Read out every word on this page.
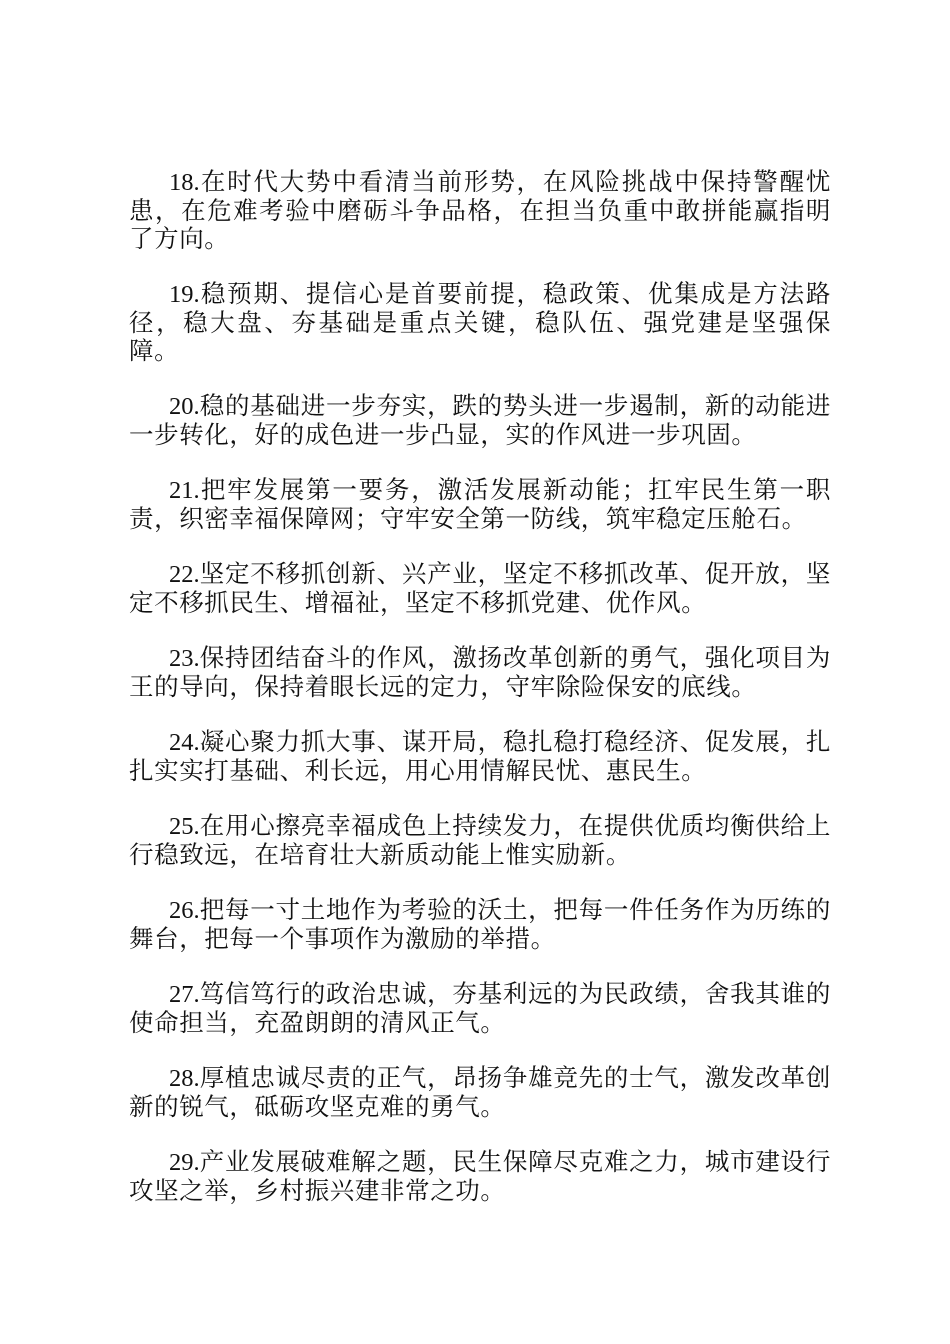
18.在时代大势中看清当前形势，在风险挑战中保持警醒忧患，在危难考验中磨砺斗争品格，在担当负重中敢拼能赢指明了方向。

19.稳预期、提信心是首要前提，稳政策、优集成是方法路径，稳大盘、夯基础是重点关键，稳队伍、强党建是坚强保障。

20.稳的基础进一步夯实，跌的势头进一步遏制，新的动能进一步转化，好的成色进一步凸显，实的作风进一步巩固。

21.把牢发展第一要务，激活发展新动能；扛牢民生第一职责，织密幸福保障网；守牢安全第一防线，筑牢稳定压舱石。

22.坚定不移抓创新、兴产业，坚定不移抓改革、促开放，坚定不移抓民生、增福祉，坚定不移抓党建、优作风。

23.保持团结奋斗的作风，激扬改革创新的勇气，强化项目为王的导向，保持着眼长远的定力，守牢除险保安的底线。

24.凝心聚力抓大事、谋开局，稳扎稳打稳经济、促发展，扎扎实实打基础、利长远，用心用情解民忧、惠民生。

25.在用心擦亮幸福成色上持续发力，在提供优质均衡供给上行稳致远，在培育壮大新质动能上惟实励新。

26.把每一寸土地作为考验的沃土，把每一件任务作为历练的舞台，把每一个事项作为激励的举措。

27.笃信笃行的政治忠诚，夯基利远的为民政绩，舍我其谁的使命担当，充盈朗朗的清风正气。

28.厚植忠诚尽责的正气，昂扬争雄竞先的士气，激发改革创新的锐气，砥砺攻坚克难的勇气。

29.产业发展破难解之题，民生保障尽克难之力，城市建设行攻坚之举，乡村振兴建非常之功。
